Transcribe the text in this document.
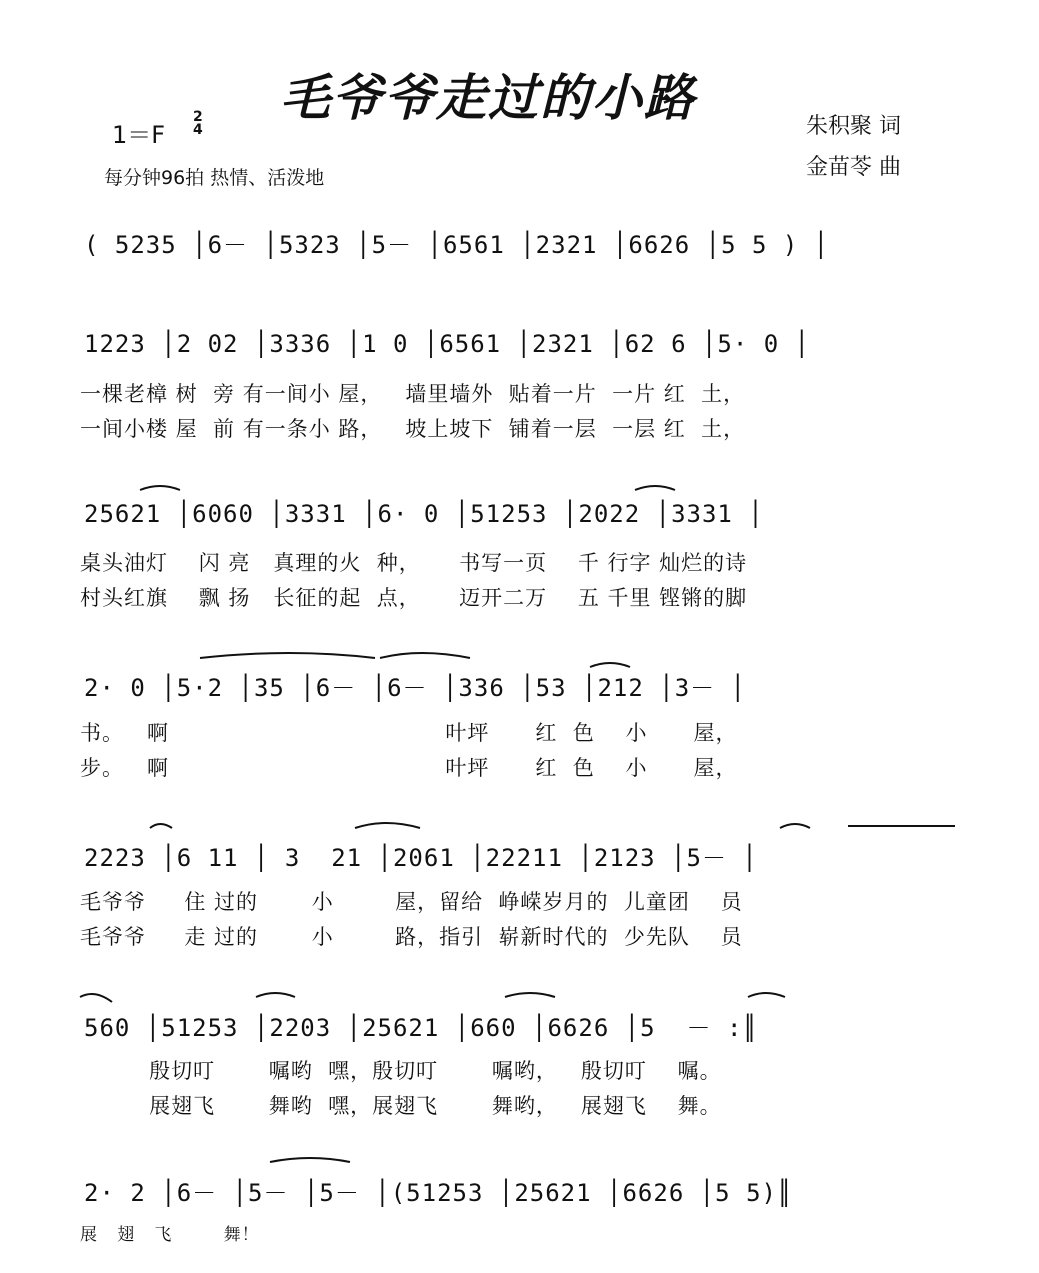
毛爷爷走过的小路
1＝F
2
4
每分钟96拍 热情、活泼地
朱积聚 词
金苗苓 曲
( 5235 │6－ │5323 │5－ │6561 │2321 │6626 │5 5 ) │
1223 │2 02 │3336 │1 0 │6561 │2321 │62 6 │5· 0 │
一棵老樟 树  旁 有一间小 屋，   墙里墙外  贴着一片  一片 红  土，
一间小楼 屋  前 有一条小 路，   坡上坡下  铺着一层  一层 红  土，
25621 │6060 │3331 │6· 0 │51253 │2022 │3331 │
桌头油灯    闪 亮   真理的火  种，     书写一页    千 行字 灿烂的诗
村头红旗    飘 扬   长征的起  点，     迈开二万    五 千里 铿锵的脚
2· 0 │5·2 │35 │6－ │6－ │336 │53 │212 │3－ │
书。   啊                                    叶坪      红  色    小      屋，
步。   啊                                    叶坪      红  色    小      屋，
2223 │6 11 │ 3  21 │2061 │22211 │2123 │5－ │
毛爷爷     住 过的       小        屋，留给  峥嵘岁月的  儿童团    员
毛爷爷     走 过的       小        路，指引  崭新时代的  少先队    员
560 │51253 │2203 │25621 │660 │6626 │5  － :║
殷切叮       嘱哟  嘿，殷切叮       嘱哟，   殷切叮    嘱。
展翅飞       舞哟  嘿，展翅飞       舞哟，   展翅飞    舞。
2· 2 │6－ │5－ │5－ │(51253 │25621 │6626 │5 5)║
展   翅   飞        舞！
